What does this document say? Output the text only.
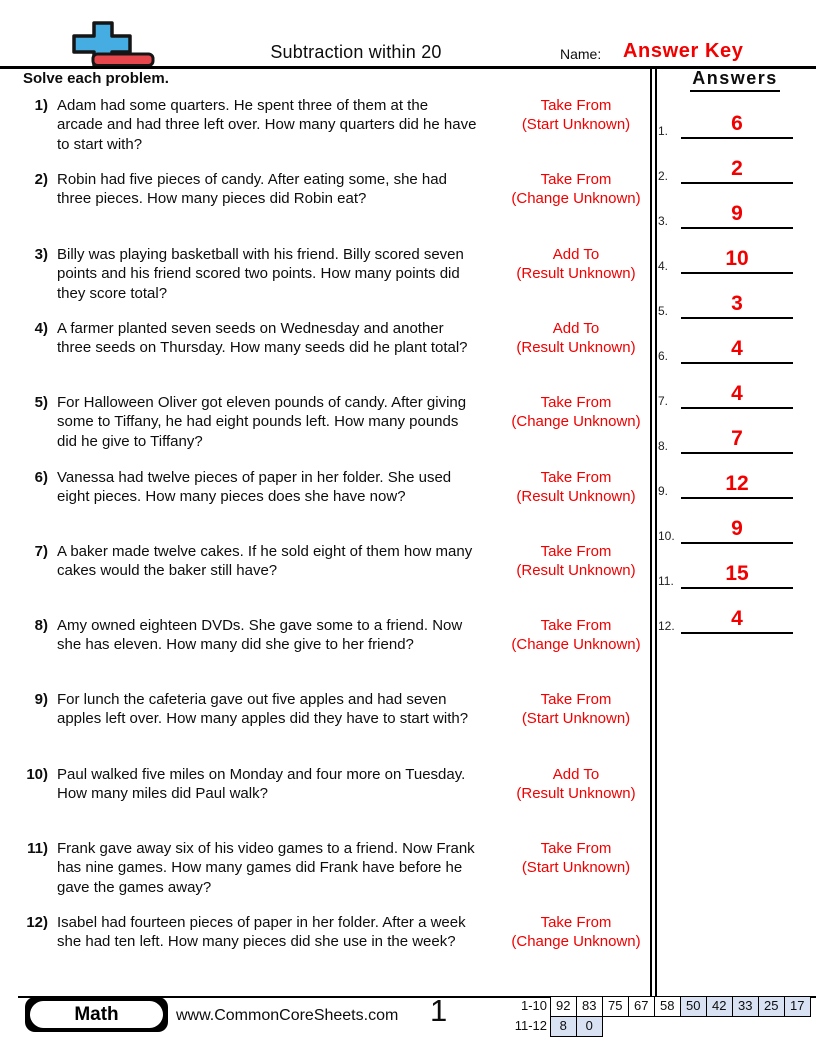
Subtraction within 20	Name: Answer Key
Solve each problem.
1) Adam had some quarters. He spent three of them at the
arcade and had three left over. How many quarters did he have
to start with?
Take From
(Start Unknown)
2) Robin had five pieces of candy. After eating some, she had
three pieces. How many pieces did Robin eat?
Take From
(Change Unknown)
3) Billy was playing basketball with his friend. Billy scored seven
points and his friend scored two points. How many points did
they score total?
Add To
(Result Unknown)
4) A farmer planted seven seeds on Wednesday and another
three seeds on Thursday. How many seeds did he plant total?
Add To
(Result Unknown)
5) For Halloween Oliver got eleven pounds of candy. After giving
some to Tiffany, he had eight pounds left. How many pounds
did he give to Tiffany?
Take From
(Change Unknown)
6) Vanessa had twelve pieces of paper in her folder. She used
eight pieces. How many pieces does she have now?
Take From
(Result Unknown)
7) A baker made twelve cakes. If he sold eight of them how many
cakes would the baker still have?
Take From
(Result Unknown)
8) Amy owned eighteen DVDs. She gave some to a friend. Now
she has eleven. How many did she give to her friend?
Take From
(Change Unknown)
9) For lunch the cafeteria gave out five apples and had seven
apples left over. How many apples did they have to start with?
Take From
(Start Unknown)
10) Paul walked five miles on Monday and four more on Tuesday.
How many miles did Paul walk?
Add To
(Result Unknown)
11) Frank gave away six of his video games to a friend. Now Frank
has nine games. How many games did Frank have before he
gave the games away?
Take From
(Start Unknown)
12) Isabel had fourteen pieces of paper in her folder. After a week
she had ten left. How many pieces did she use in the week?
Take From
(Change Unknown)
Answers
1.	6
2.	2
3.	9
4.	10
5.	3
6.	4
7.	4
8.	7
9.	12
10.	9
11.	15
12.	4
Math	www.CommonCoreSheets.com 1	1-10 92 83 75 67 58 50 42 33 25 17
11-12 8	0
